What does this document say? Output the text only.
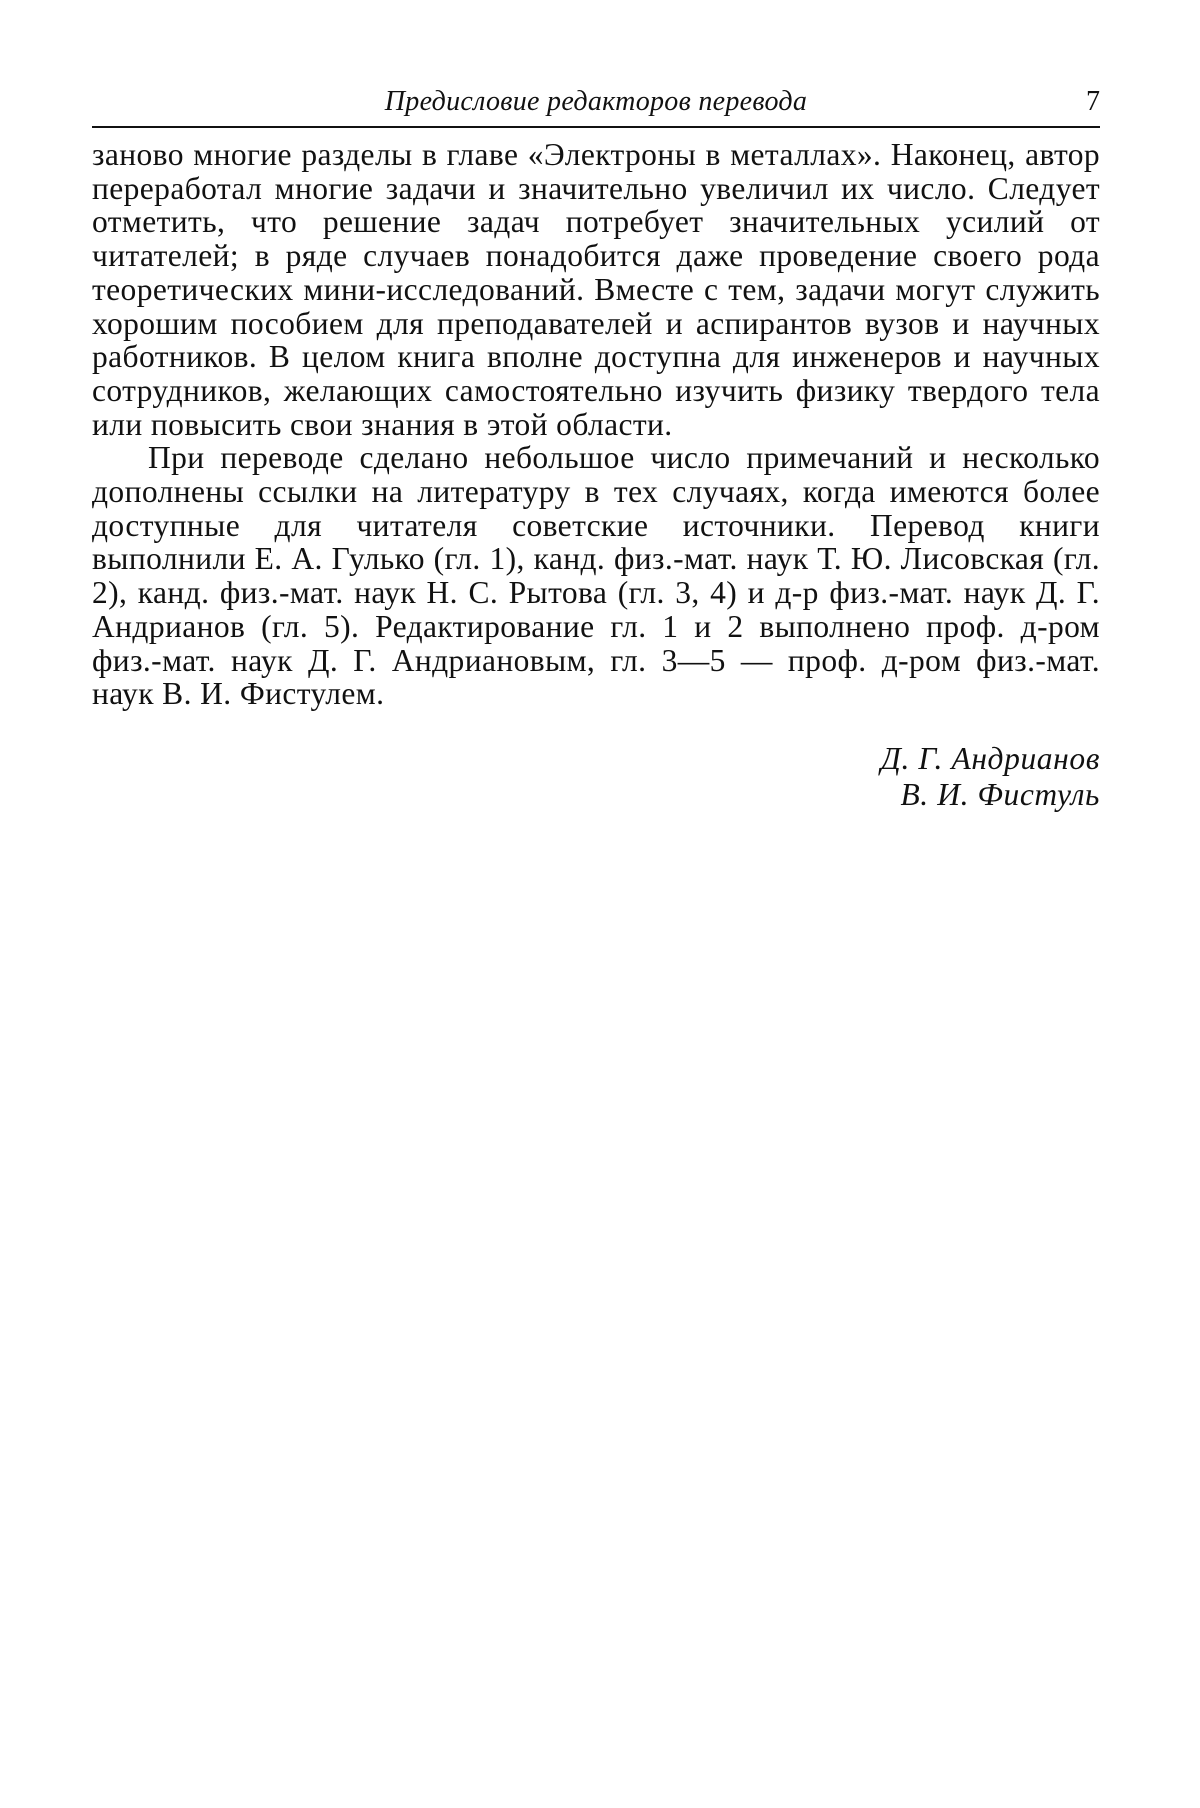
Предисловие редакторов перевода	7

заново многие разделы в главе «Электроны в металлах». Наконец, автор переработал многие задачи и значительно увеличил их число. Следует отметить, что решение задач потребует значительных усилий от читателей; в ряде случаев понадобится даже проведение своего рода теоретических мини-исследований. Вместе с тем, задачи могут служить хорошим пособием для преподавателей и аспирантов вузов и научных работников. В целом книга вполне доступна для инженеров и научных сотрудников, желающих самостоятельно изучить физику твердого тела или повысить свои знания в этой области.

При переводе сделано небольшое число примечаний и несколько дополнены ссылки на литературу в тех случаях, когда имеются более доступные для читателя советские источники. Перевод книги выполнили Е. А. Гулько (гл. 1), канд. физ.-мат. наук Т. Ю. Лисовская (гл. 2), канд. физ.-мат. наук Н. С. Рытова (гл. 3, 4) и д-р физ.-мат. наук Д. Г. Андрианов (гл. 5). Редактирование гл. 1 и 2 выполнено проф. д-ром физ.-мат. наук Д. Г. Андриановым, гл. 3—5 — проф. д-ром физ.-мат. наук В. И. Фистулем.

Д. Г. Андрианов
В. И. Фистуль
